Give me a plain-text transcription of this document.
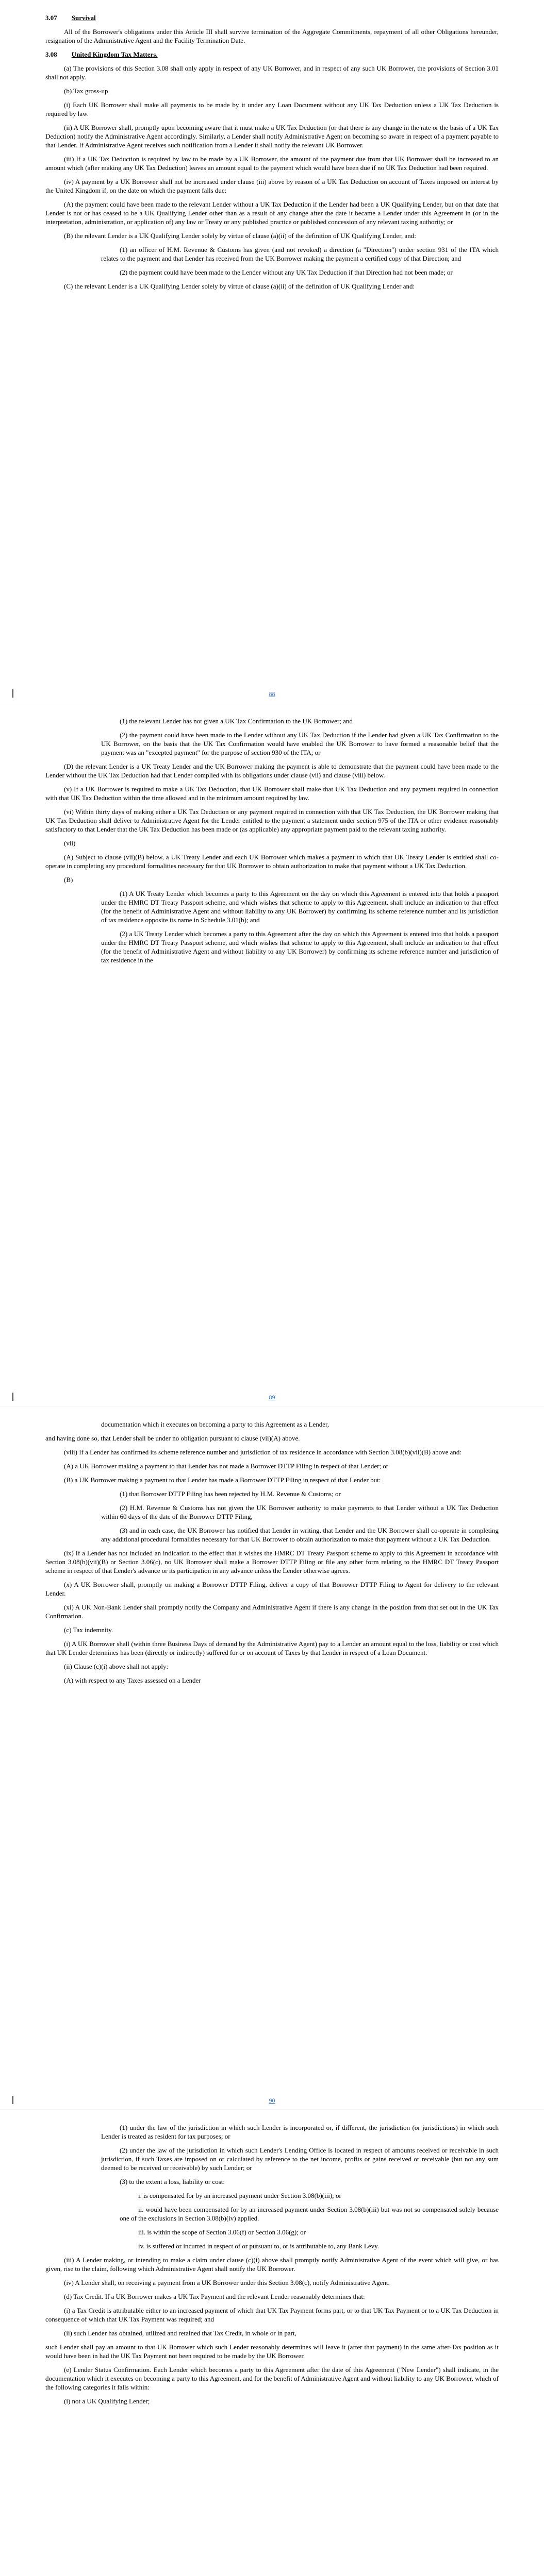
3.07 Survival

All of the Borrower's obligations under this Article III shall survive termination of the Aggregate Commitments, repayment of all other Obligations hereunder, resignation of the Administrative Agent and the Facility Termination Date.

3.08 United Kingdom Tax Matters.

(a) The provisions of this Section 3.08 shall only apply in respect of any UK Borrower, and in respect of any such UK Borrower, the provisions of Section 3.01 shall not apply.

(b) Tax gross-up

(i) Each UK Borrower shall make all payments to be made by it under any Loan Document without any UK Tax Deduction unless a UK Tax Deduction is required by law.

(ii) A UK Borrower shall, promptly upon becoming aware that it must make a UK Tax Deduction (or that there is any change in the rate or the basis of a UK Tax Deduction) notify the Administrative Agent accordingly. Similarly, a Lender shall notify Administrative Agent on becoming so aware in respect of a payment payable to that Lender. If Administrative Agent receives such notification from a Lender it shall notify the relevant UK Borrower.

(iii) If a UK Tax Deduction is required by law to be made by a UK Borrower, the amount of the payment due from that UK Borrower shall be increased to an amount which (after making any UK Tax Deduction) leaves an amount equal to the payment which would have been due if no UK Tax Deduction had been required.

(iv) A payment by a UK Borrower shall not be increased under clause (iii) above by reason of a UK Tax Deduction on account of Taxes imposed on interest by the United Kingdom if, on the date on which the payment falls due:

(A) the payment could have been made to the relevant Lender without a UK Tax Deduction if the Lender had been a UK Qualifying Lender, but on that date that Lender is not or has ceased to be a UK Qualifying Lender other than as a result of any change after the date it became a Lender under this Agreement in (or in the interpretation, administration, or application of) any law or Treaty or any published practice or published concession of any relevant taxing authority; or

(B) the relevant Lender is a UK Qualifying Lender solely by virtue of clause (a)(ii) of the definition of UK Qualifying Lender, and:

(1) an officer of H.M. Revenue & Customs has given (and not revoked) a direction (a "Direction") under section 931 of the ITA which relates to the payment and that Lender has received from the UK Borrower making the payment a certified copy of that Direction; and

(2) the payment could have been made to the Lender without any UK Tax Deduction if that Direction had not been made; or

(C) the relevant Lender is a UK Qualifying Lender solely by virtue of clause (a)(ii) of the definition of UK Qualifying Lender and:

88

(1) the relevant Lender has not given a UK Tax Confirmation to the UK Borrower; and

(2) the payment could have been made to the Lender without any UK Tax Deduction if the Lender had given a UK Tax Confirmation to the UK Borrower, on the basis that the UK Tax Confirmation would have enabled the UK Borrower to have formed a reasonable belief that the payment was an "excepted payment" for the purpose of section 930 of the ITA; or

(D) the relevant Lender is a UK Treaty Lender and the UK Borrower making the payment is able to demonstrate that the payment could have been made to the Lender without the UK Tax Deduction had that Lender complied with its obligations under clause (vii) and clause (viii) below.

(v) If a UK Borrower is required to make a UK Tax Deduction, that UK Borrower shall make that UK Tax Deduction and any payment required in connection with that UK Tax Deduction within the time allowed and in the minimum amount required by law.

(vi) Within thirty days of making either a UK Tax Deduction or any payment required in connection with that UK Tax Deduction, the UK Borrower making that UK Tax Deduction shall deliver to Administrative Agent for the Lender entitled to the payment a statement under section 975 of the ITA or other evidence reasonably satisfactory to that Lender that the UK Tax Deduction has been made or (as applicable) any appropriate payment paid to the relevant taxing authority.

(vii)

(A) Subject to clause (vii)(B) below, a UK Treaty Lender and each UK Borrower which makes a payment to which that UK Treaty Lender is entitled shall co-operate in completing any procedural formalities necessary for that UK Borrower to obtain authorization to make that payment without a UK Tax Deduction.

(B)

(1) A UK Treaty Lender which becomes a party to this Agreement on the day on which this Agreement is entered into that holds a passport under the HMRC DT Treaty Passport scheme, and which wishes that scheme to apply to this Agreement, shall include an indication to that effect (for the benefit of Administrative Agent and without liability to any UK Borrower) by confirming its scheme reference number and its jurisdiction of tax residence opposite its name in Schedule 3.01(b); and

(2) a UK Treaty Lender which becomes a party to this Agreement after the day on which this Agreement is entered into that holds a passport under the HMRC DT Treaty Passport scheme, and which wishes that scheme to apply to this Agreement, shall include an indication to that effect (for the benefit of Administrative Agent and without liability to any UK Borrower) by confirming its scheme reference number and jurisdiction of tax residence in the

89

documentation which it executes on becoming a party to this Agreement as a Lender,

and having done so, that Lender shall be under no obligation pursuant to clause (vii)(A) above.

(viii) If a Lender has confirmed its scheme reference number and jurisdiction of tax residence in accordance with Section 3.08(b)(vii)(B) above and:

(A) a UK Borrower making a payment to that Lender has not made a Borrower DTTP Filing in respect of that Lender; or

(B) a UK Borrower making a payment to that Lender has made a Borrower DTTP Filing in respect of that Lender but:

(1) that Borrower DTTP Filing has been rejected by H.M. Revenue & Customs; or

(2) H.M. Revenue & Customs has not given the UK Borrower authority to make payments to that Lender without a UK Tax Deduction within 60 days of the date of the Borrower DTTP Filing,

(3) and in each case, the UK Borrower has notified that Lender in writing, that Lender and the UK Borrower shall co-operate in completing any additional procedural formalities necessary for that UK Borrower to obtain authorization to make that payment without a UK Tax Deduction.

(ix) If a Lender has not included an indication to the effect that it wishes the HMRC DT Treaty Passport scheme to apply to this Agreement in accordance with Section 3.08(b)(vii)(B) or Section 3.06(c), no UK Borrower shall make a Borrower DTTP Filing or file any other form relating to the HMRC DT Treaty Passport scheme in respect of that Lender's advance or its participation in any advance unless the Lender otherwise agrees.

(x) A UK Borrower shall, promptly on making a Borrower DTTP Filing, deliver a copy of that Borrower DTTP Filing to Agent for delivery to the relevant Lender.

(xi) A UK Non-Bank Lender shall promptly notify the Company and Administrative Agent if there is any change in the position from that set out in the UK Tax Confirmation.

(c) Tax indemnity.

(i) A UK Borrower shall (within three Business Days of demand by the Administrative Agent) pay to a Lender an amount equal to the loss, liability or cost which that UK Lender determines has been (directly or indirectly) suffered for or on account of Taxes by that Lender in respect of a Loan Document.

(ii) Clause (c)(i) above shall not apply:

(A) with respect to any Taxes assessed on a Lender

90

(1) under the law of the jurisdiction in which such Lender is incorporated or, if different, the jurisdiction (or jurisdictions) in which such Lender is treated as resident for tax purposes; or

(2) under the law of the jurisdiction in which such Lender's Lending Office is located in respect of amounts received or receivable in such jurisdiction, if such Taxes are imposed on or calculated by reference to the net income, profits or gains received or receivable (but not any sum deemed to be received or receivable) by such Lender; or

(3) to the extent a loss, liability or cost:

i. is compensated for by an increased payment under Section 3.08(b)(iii); or

ii. would have been compensated for by an increased payment under Section 3.08(b)(iii) but was not so compensated solely because one of the exclusions in Section 3.08(b)(iv) applied.

iii. is within the scope of Section 3.06(f) or Section 3.06(g); or

iv. is suffered or incurred in respect of or pursuant to, or is attributable to, any Bank Levy.

(iii) A Lender making, or intending to make a claim under clause (c)(i) above shall promptly notify Administrative Agent of the event which will give, or has given, rise to the claim, following which Administrative Agent shall notify the UK Borrower.

(iv) A Lender shall, on receiving a payment from a UK Borrower under this Section 3.08(c), notify Administrative Agent.

(d) Tax Credit. If a UK Borrower makes a UK Tax Payment and the relevant Lender reasonably determines that:

(i) a Tax Credit is attributable either to an increased payment of which that UK Tax Payment forms part, or to that UK Tax Payment or to a UK Tax Deduction in consequence of which that UK Tax Payment was required; and

(ii) such Lender has obtained, utilized and retained that Tax Credit, in whole or in part,

such Lender shall pay an amount to that UK Borrower which such Lender reasonably determines will leave it (after that payment) in the same after-Tax position as it would have been in had the UK Tax Payment not been required to be made by the UK Borrower.

(e) Lender Status Confirmation. Each Lender which becomes a party to this Agreement after the date of this Agreement ("New Lender") shall indicate, in the documentation which it executes on becoming a party to this Agreement, and for the benefit of Administrative Agent and without liability to any UK Borrower, which of the following categories it falls within:

(i) not a UK Qualifying Lender;
